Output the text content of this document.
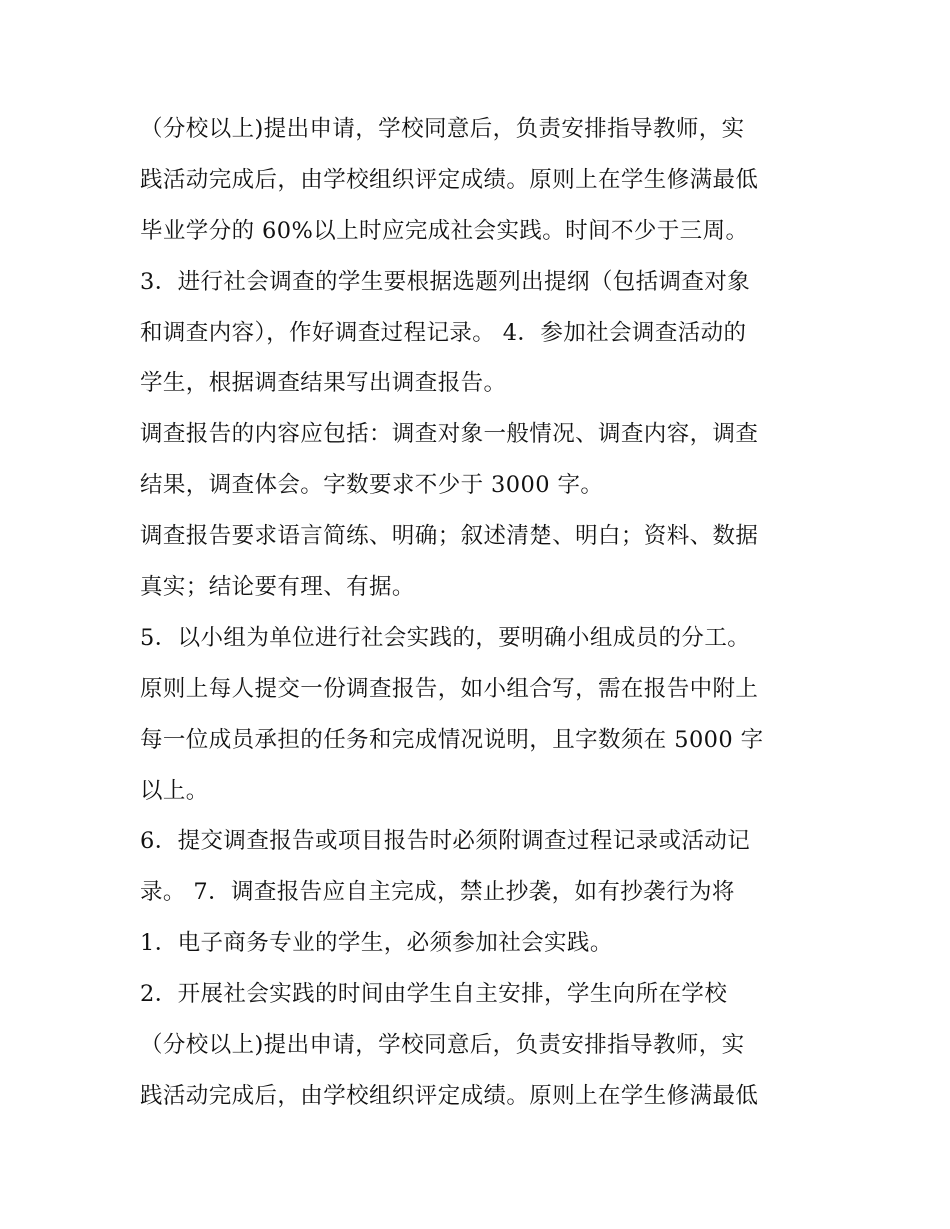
（分校以上)提出申请，学校同意后，负责安排指导教师，实
践活动完成后，由学校组织评定成绩。原则上在学生修满最低
毕业学分的 60%以上时应完成社会实践。时间不少于三周。
3．进行社会调查的学生要根据选题列出提纲（包括调查对象
和调查内容），作好调查过程记录。 4．参加社会调查活动的
学生，根据调查结果写出调查报告。
调查报告的内容应包括：调查对象一般情况、调查内容，调查
结果，调查体会。字数要求不少于 3000 字。
调查报告要求语言简练、明确；叙述清楚、明白；资料、数据
真实；结论要有理、有据。
5．以小组为单位进行社会实践的，要明确小组成员的分工。
原则上每人提交一份调查报告，如小组合写，需在报告中附上
每一位成员承担的任务和完成情况说明，且字数须在 5000 字
以上。
6．提交调查报告或项目报告时必须附调查过程记录或活动记
录。 7．调查报告应自主完成，禁止抄袭，如有抄袭行为将
1．电子商务专业的学生，必须参加社会实践。
2．开展社会实践的时间由学生自主安排，学生向所在学校
（分校以上)提出申请，学校同意后，负责安排指导教师，实
践活动完成后，由学校组织评定成绩。原则上在学生修满最低
